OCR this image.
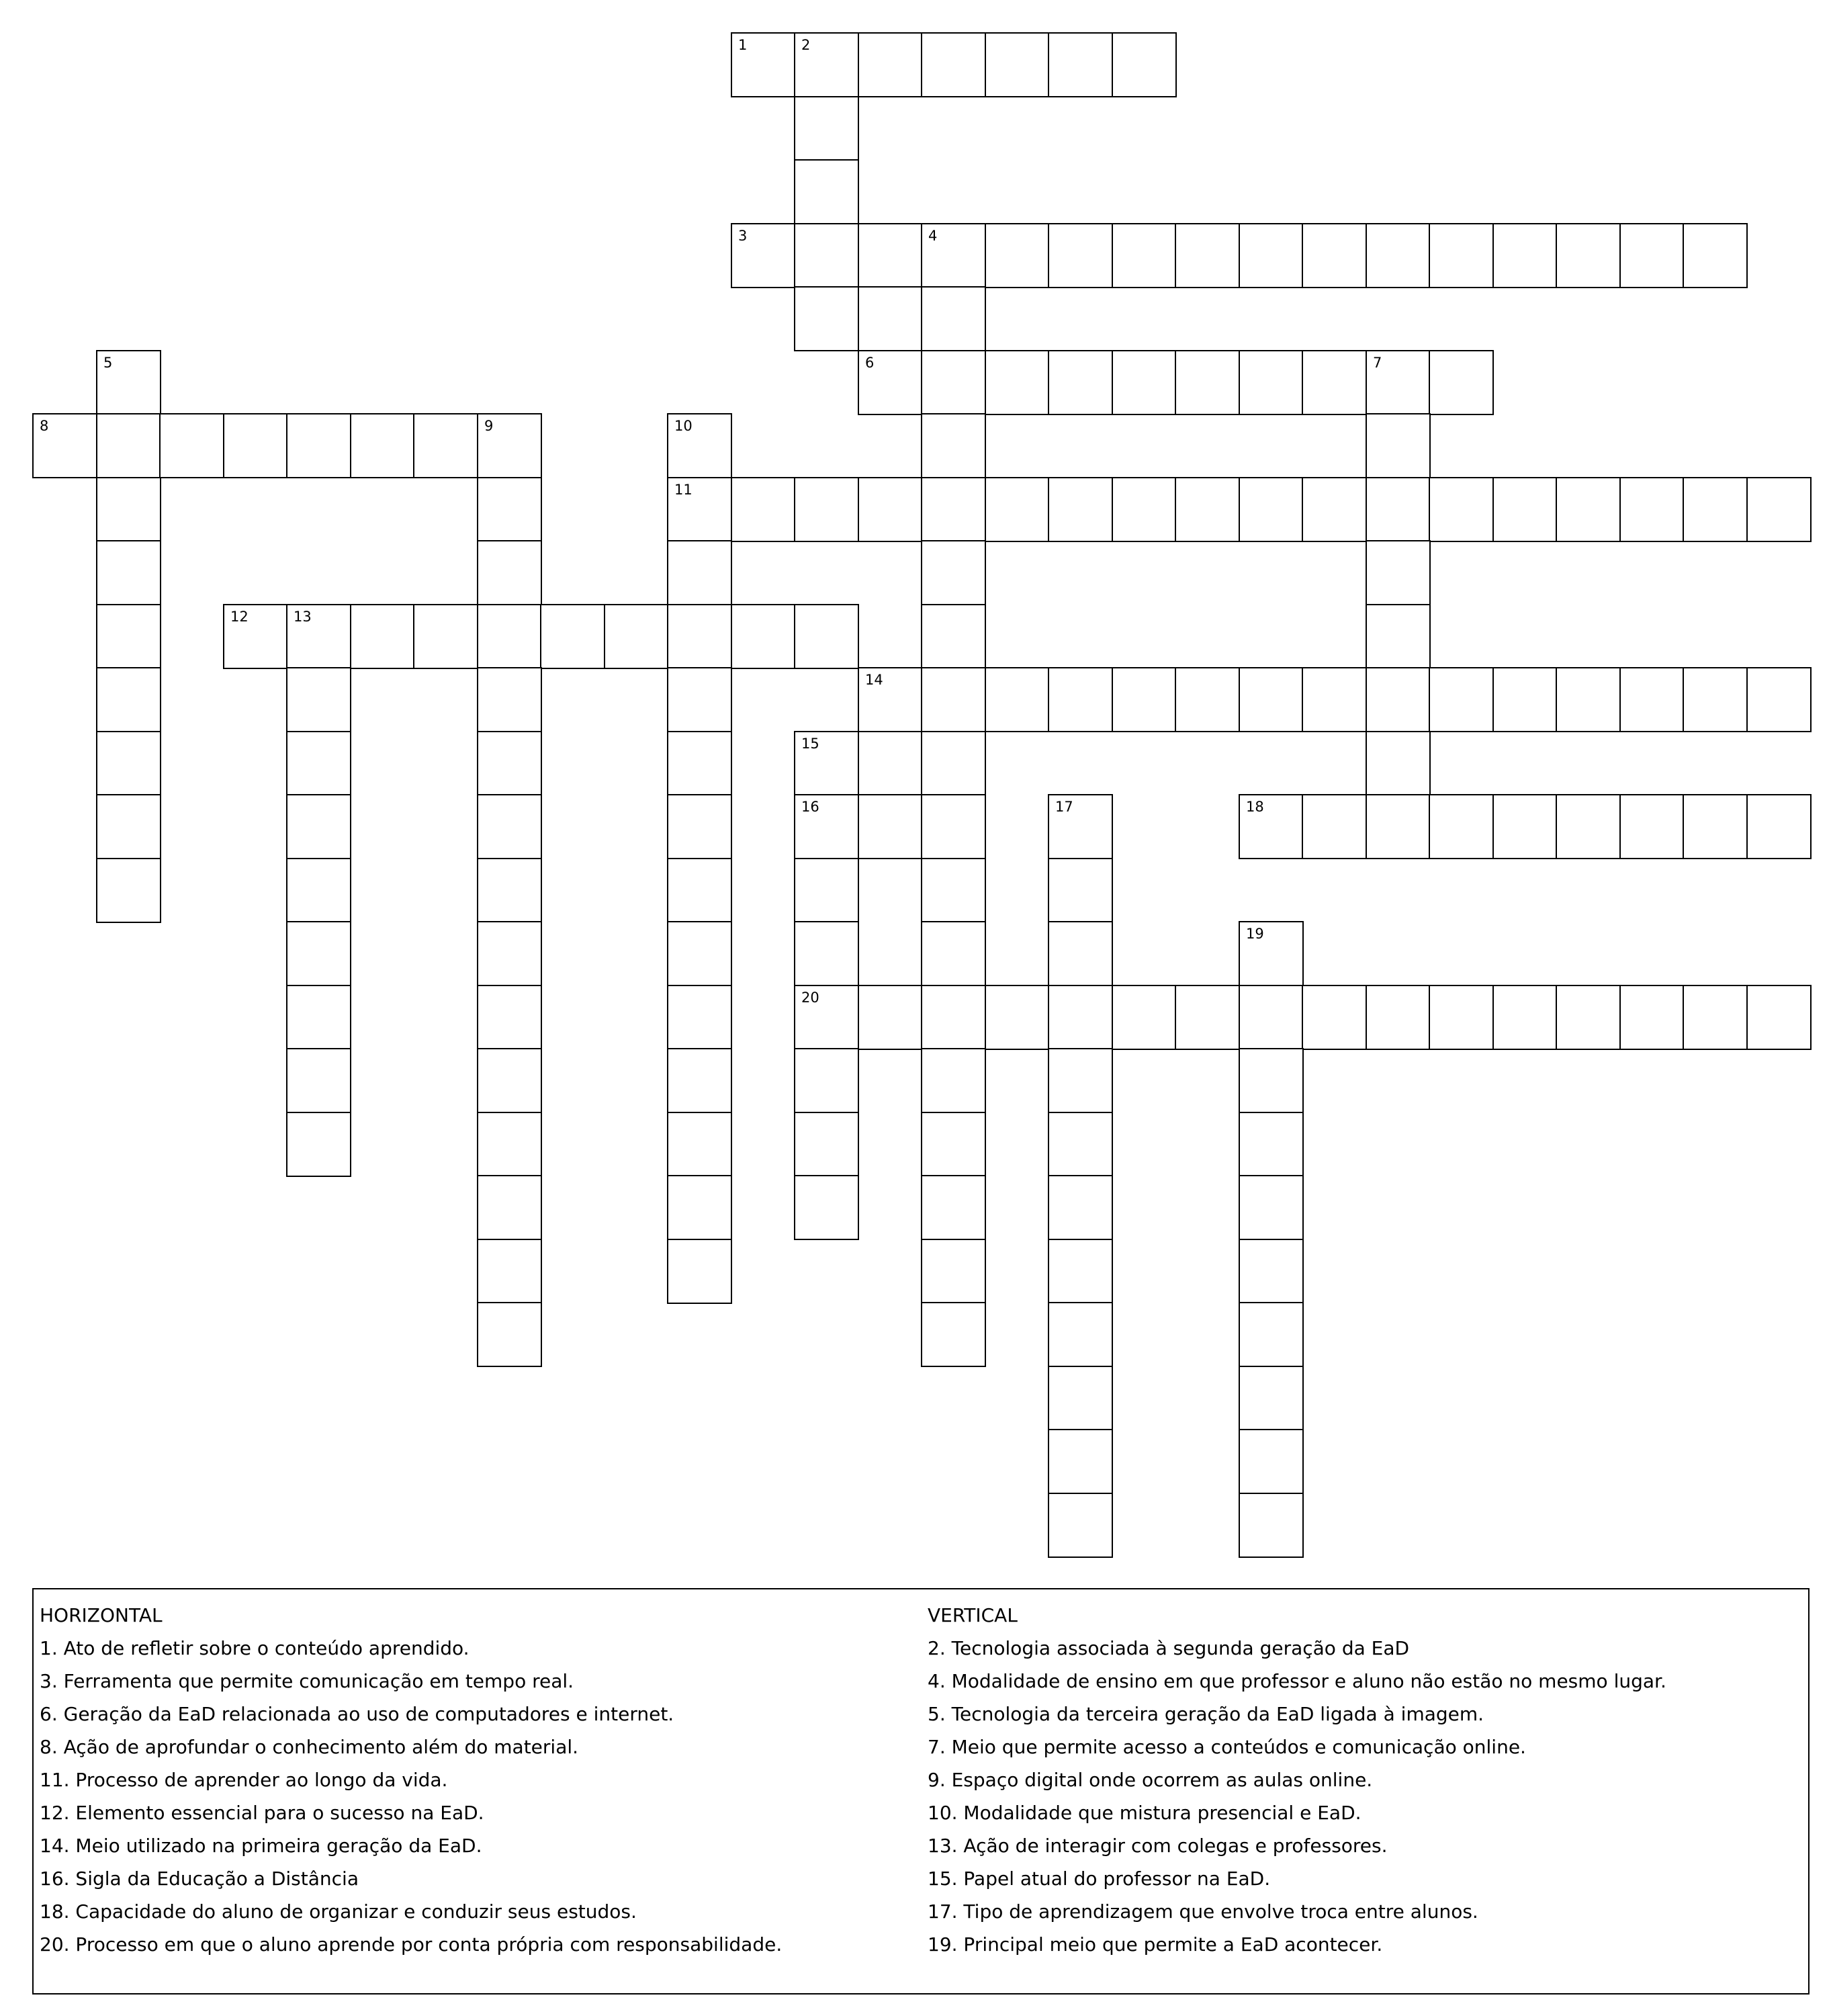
1	2
3	4
5	6	7
8	9	10
11
12	13
14
15
16	17	18
19
20
HORIZONTAL
1. Ato de refletir sobre o conteúdo aprendido.
3. Ferramenta que permite comunicação em tempo real.
6. Geração da EaD relacionada ao uso de computadores e internet.
8. Ação de aprofundar o conhecimento além do material.
11. Processo de aprender ao longo da vida.
12. Elemento essencial para o sucesso na EaD.
14. Meio utilizado na primeira geração da EaD.
16. Sigla da Educação a Distância
18. Capacidade do aluno de organizar e conduzir seus estudos.
20. Processo em que o aluno aprende por conta própria com responsabilidade.
VERTICAL
2. Tecnologia associada à segunda geração da EaD
4. Modalidade de ensino em que professor e aluno não estão no mesmo lugar.
5. Tecnologia da terceira geração da EaD ligada à imagem.
7. Meio que permite acesso a conteúdos e comunicação online.
9. Espaço digital onde ocorrem as aulas online.
10. Modalidade que mistura presencial e EaD.
13. Ação de interagir com colegas e professores.
15. Papel atual do professor na EaD.
17. Tipo de aprendizagem que envolve troca entre alunos.
19. Principal meio que permite a EaD acontecer.
